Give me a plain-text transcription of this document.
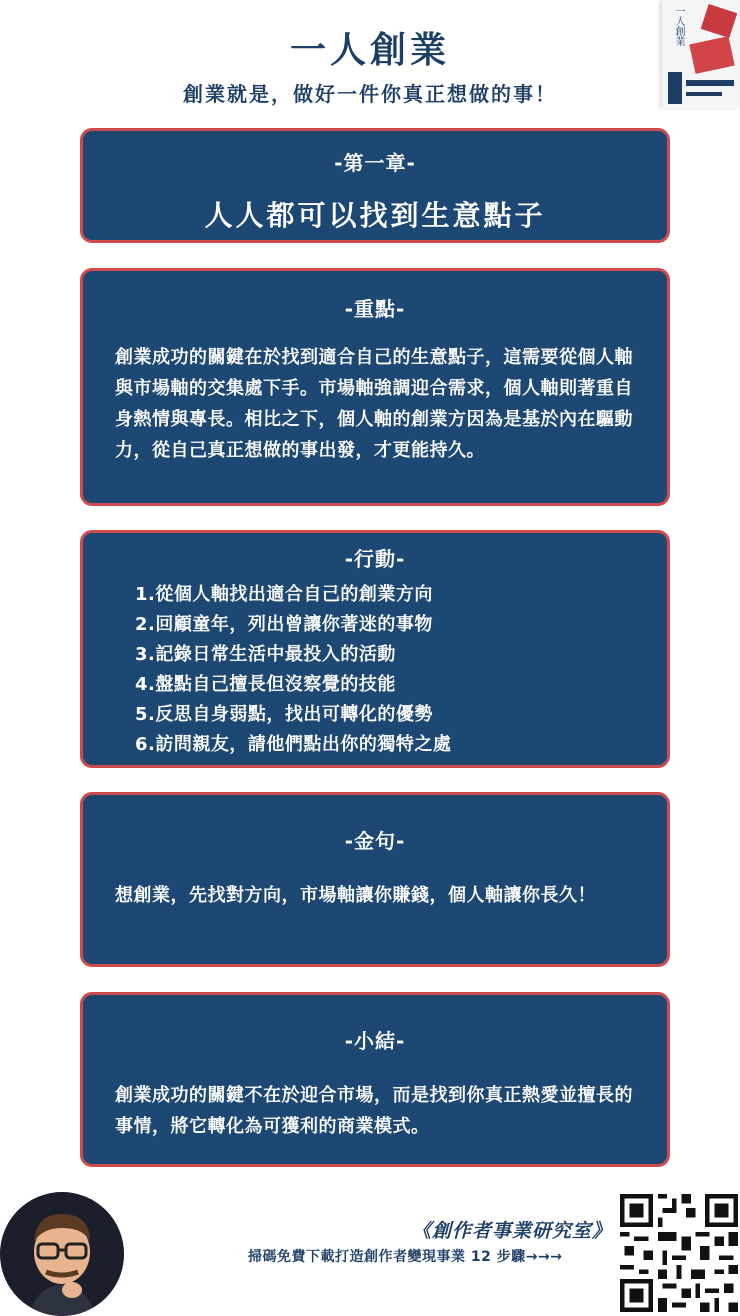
一人創業
創業就是，做好一件你真正想做的事！
一人創業
-第一章-
人人都可以找到生意點子
-重點-
創業成功的關鍵在於找到適合自己的生意點子，這需要從個人軸與市場軸的交集處下手。市場軸強調迎合需求，個人軸則著重自身熱情與專長。相比之下，個人軸的創業方因為是基於內在驅動力，從自己真正想做的事出發，才更能持久。
-行動-
1.從個人軸找出適合自己的創業方向
2.回顧童年，列出曾讓你著迷的事物
3.記錄日常生活中最投入的活動
4.盤點自己擅長但沒察覺的技能
5.反思自身弱點，找出可轉化的優勢
6.訪問親友，請他們點出你的獨特之處
-金句-
想創業，先找對方向，市場軸讓你賺錢，個人軸讓你長久！
-小結-
創業成功的關鍵不在於迎合市場，而是找到你真正熱愛並擅長的事情，將它轉化為可獲利的商業模式。
《創作者事業研究室》
掃碼免費下載打造創作者變現事業 12 步驟→→→
